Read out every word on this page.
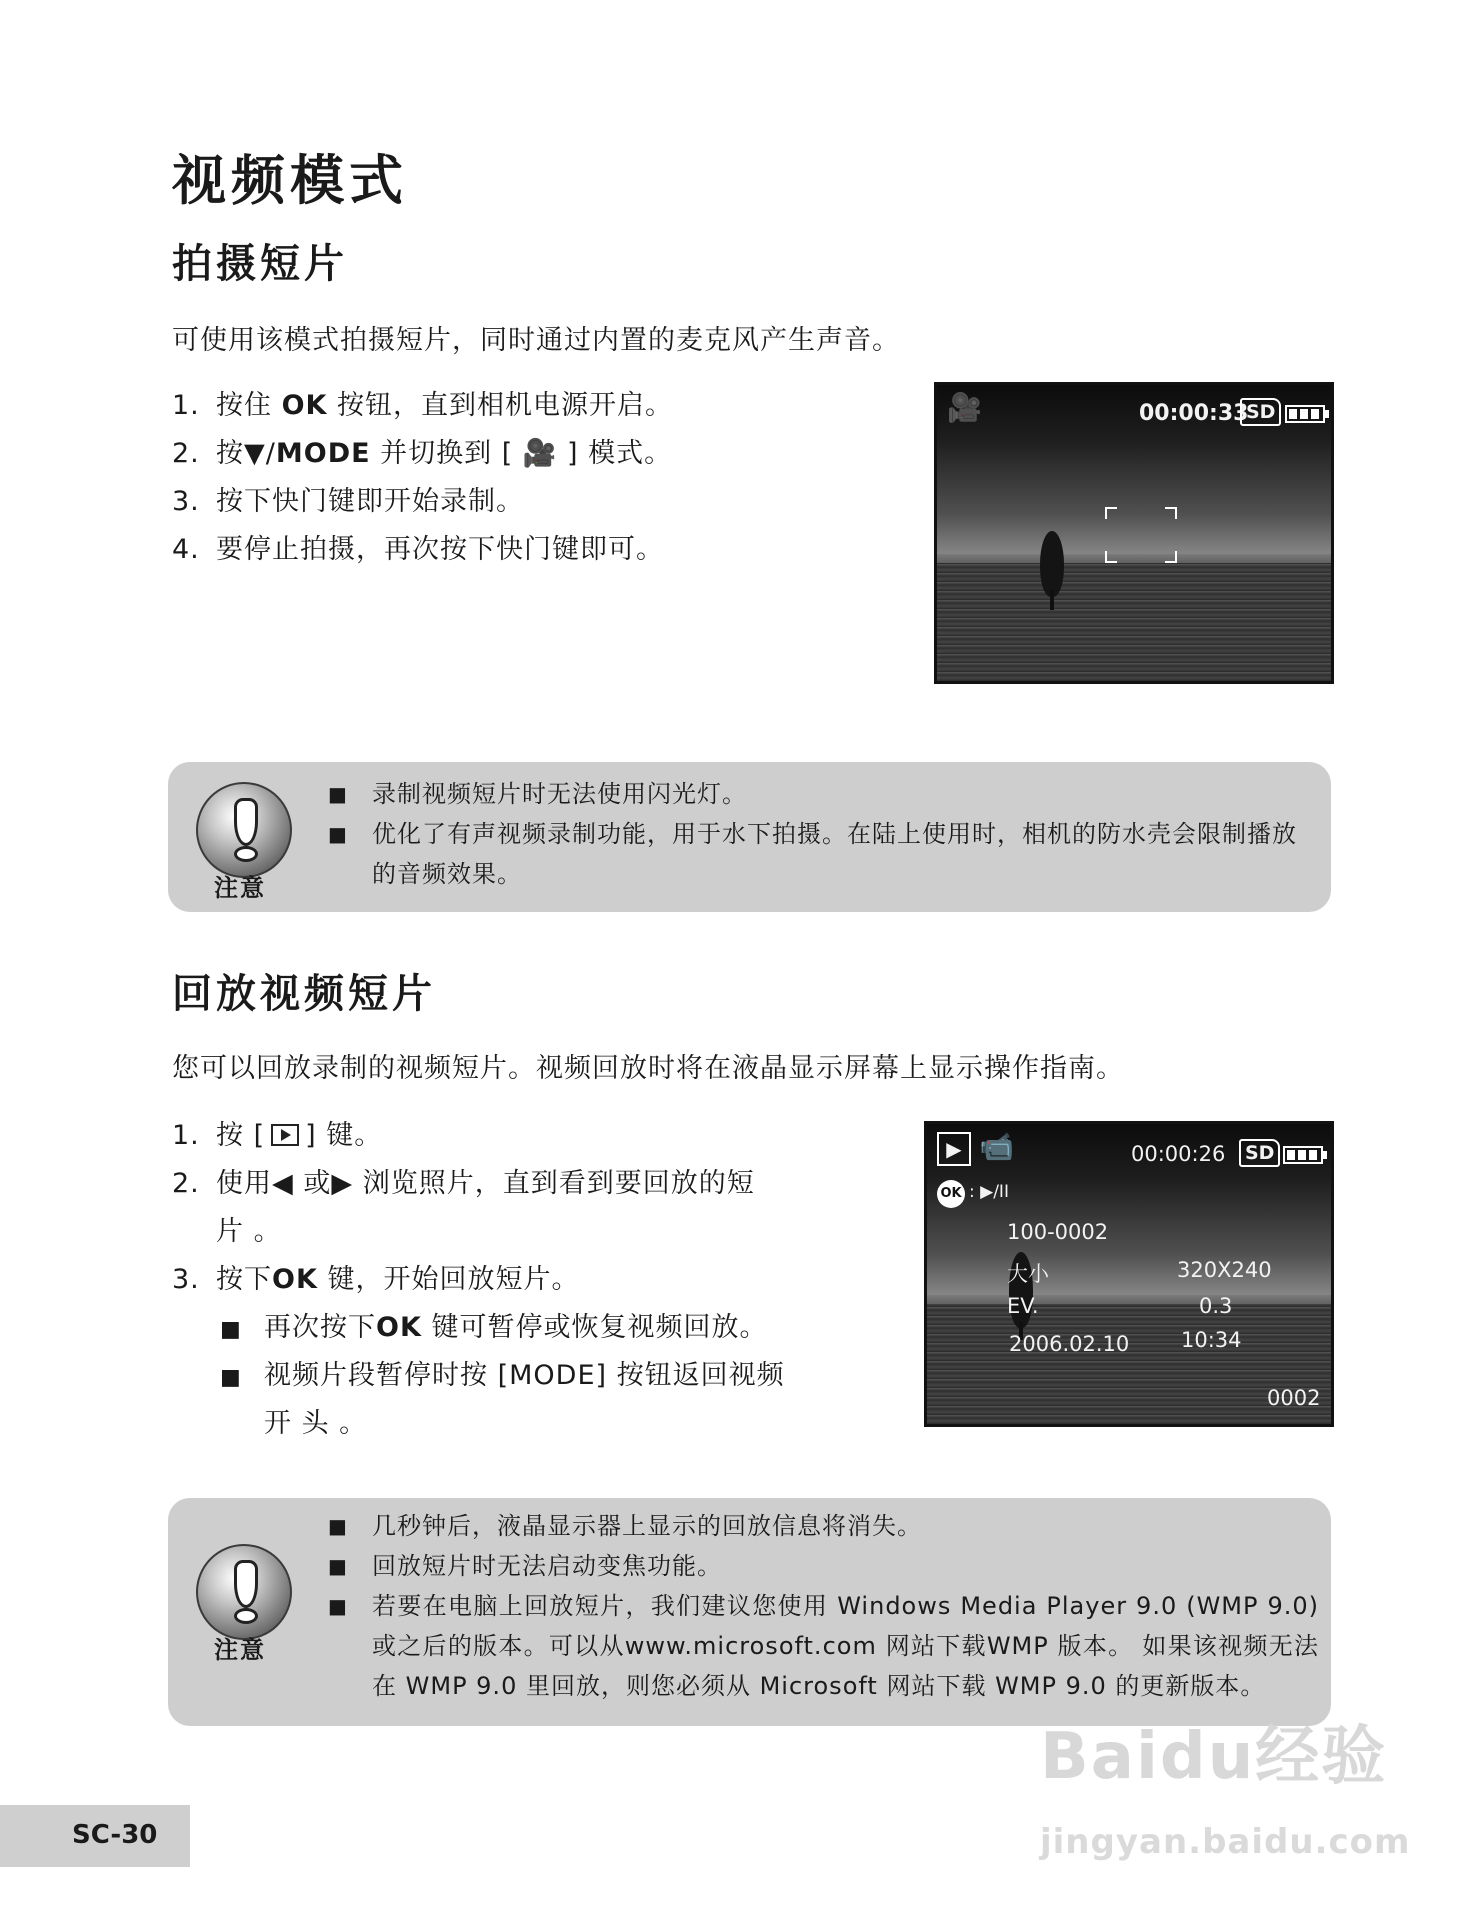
视频模式
拍摄短片
可使用该模式拍摄短片，同时通过内置的麦克风产生声音。
1. 按住 OK 按钮，直到相机电源开启。
2. 按▼/MODE 并切换到 [ 🎥 ] 模式。
3. 按下快门键即开始录制。
4. 要停止拍摄，再次按下快门键即可。
🎥	00:00:33
SD
注意
■ 录制视频短片时无法使用闪光灯。
■ 优化了有声视频录制功能，用于水下拍摄。在陆上使用时，相机的防水壳会限制播放的音频效果。
回放视频短片
您可以回放录制的视频短片。视频回放时将在液晶显示屏幕上显示操作指南。
1. 按 [ ] 键。
2. 使用◀ 或▶ 浏览照片，直到看到要回放的短
片 。
3. 按下OK 键，开始回放短片。
■ 再次按下OK 键可暂停或恢复视频回放。
■ 视频片段暂停时按 [MODE] 按钮返回视频
开 头 。
▶ 📹	00:00:26	SD
OK : ▶/II
100-0002
大小	320X240
EV.	0.3
2006.02.10 10:34
0002
注意
■ 几秒钟后，液晶显示器上显示的回放信息将消失。
■ 回放短片时无法启动变焦功能。
■ 若要在电脑上回放短片，我们建议您使用 Windows Media Player 9.0 (WMP 9.0) 或之后的版本。可以从www.microsoft.com 网站下载WMP 版本。 如果该视频无法在 WMP 9.0 里回放，则您必须从 Microsoft 网站下载 WMP 9.0 的更新版本。
SC-30
Baidu经验
jingyan.baidu.com
